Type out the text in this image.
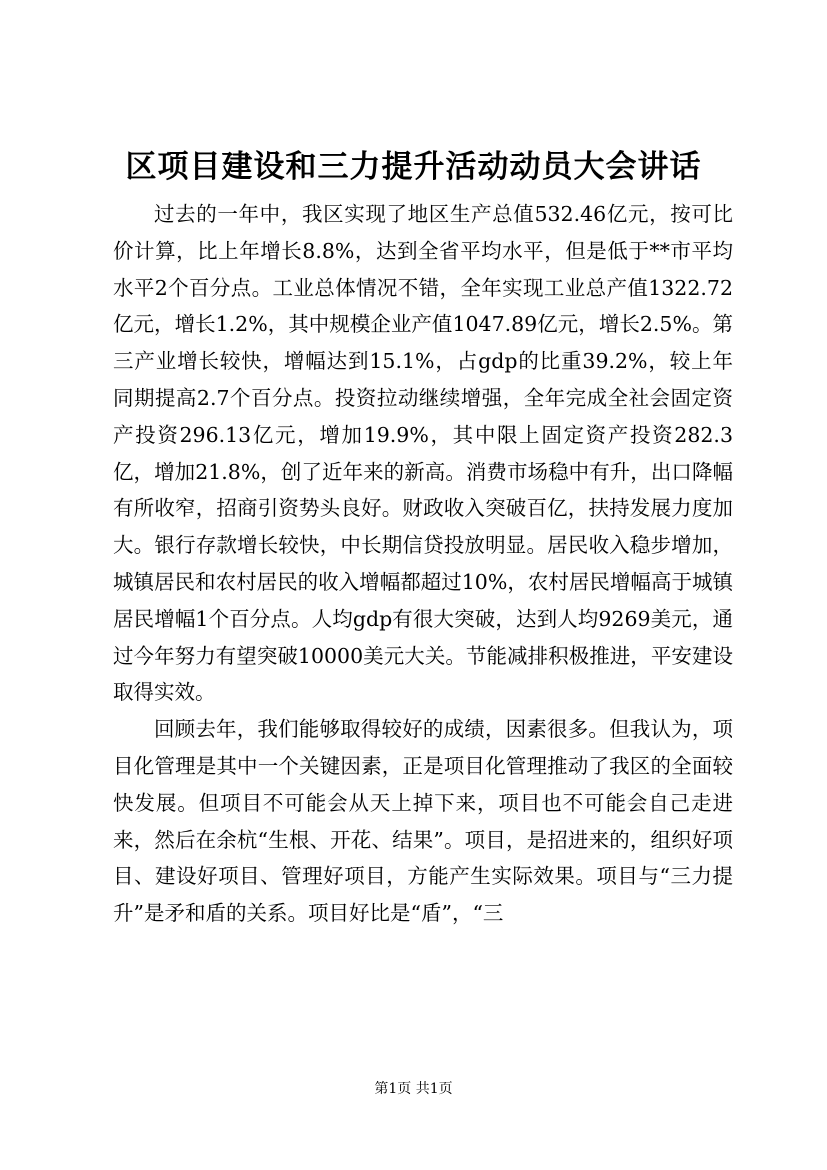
区项目建设和三力提升活动动员大会讲话

过去的一年中，我区实现了地区生产总值532.46亿元，按可比价计算，比上年增长8.8%，达到全省平均水平，但是低于**市平均水平2个百分点。工业总体情况不错，全年实现工业总产值1322.72亿元，增长1.2%，其中规模企业产值1047.89亿元，增长2.5%。第三产业增长较快，增幅达到15.1%，占gdp的比重39.2%，较上年同期提高2.7个百分点。投资拉动继续增强，全年完成全社会固定资产投资296.13亿元，增加19.9%，其中限上固定资产投资282.3亿，增加21.8%，创了近年来的新高。消费市场稳中有升，出口降幅有所收窄，招商引资势头良好。财政收入突破百亿，扶持发展力度加大。银行存款增长较快，中长期信贷投放明显。居民收入稳步增加，城镇居民和农村居民的收入增幅都超过10%，农村居民增幅高于城镇居民增幅1个百分点。人均gdp有很大突破，达到人均9269美元，通过今年努力有望突破10000美元大关。节能减排积极推进，平安建设取得实效。

回顾去年，我们能够取得较好的成绩，因素很多。但我认为，项目化管理是其中一个关键因素，正是项目化管理推动了我区的全面较快发展。但项目不可能会从天上掉下来，项目也不可能会自己走进来，然后在余杭“生根、开花、结果”。项目，是招进来的，组织好项目、建设好项目、管理好项目，方能产生实际效果。项目与“三力提升”是矛和盾的关系。项目好比是“盾”，“三

第1页 共1页
